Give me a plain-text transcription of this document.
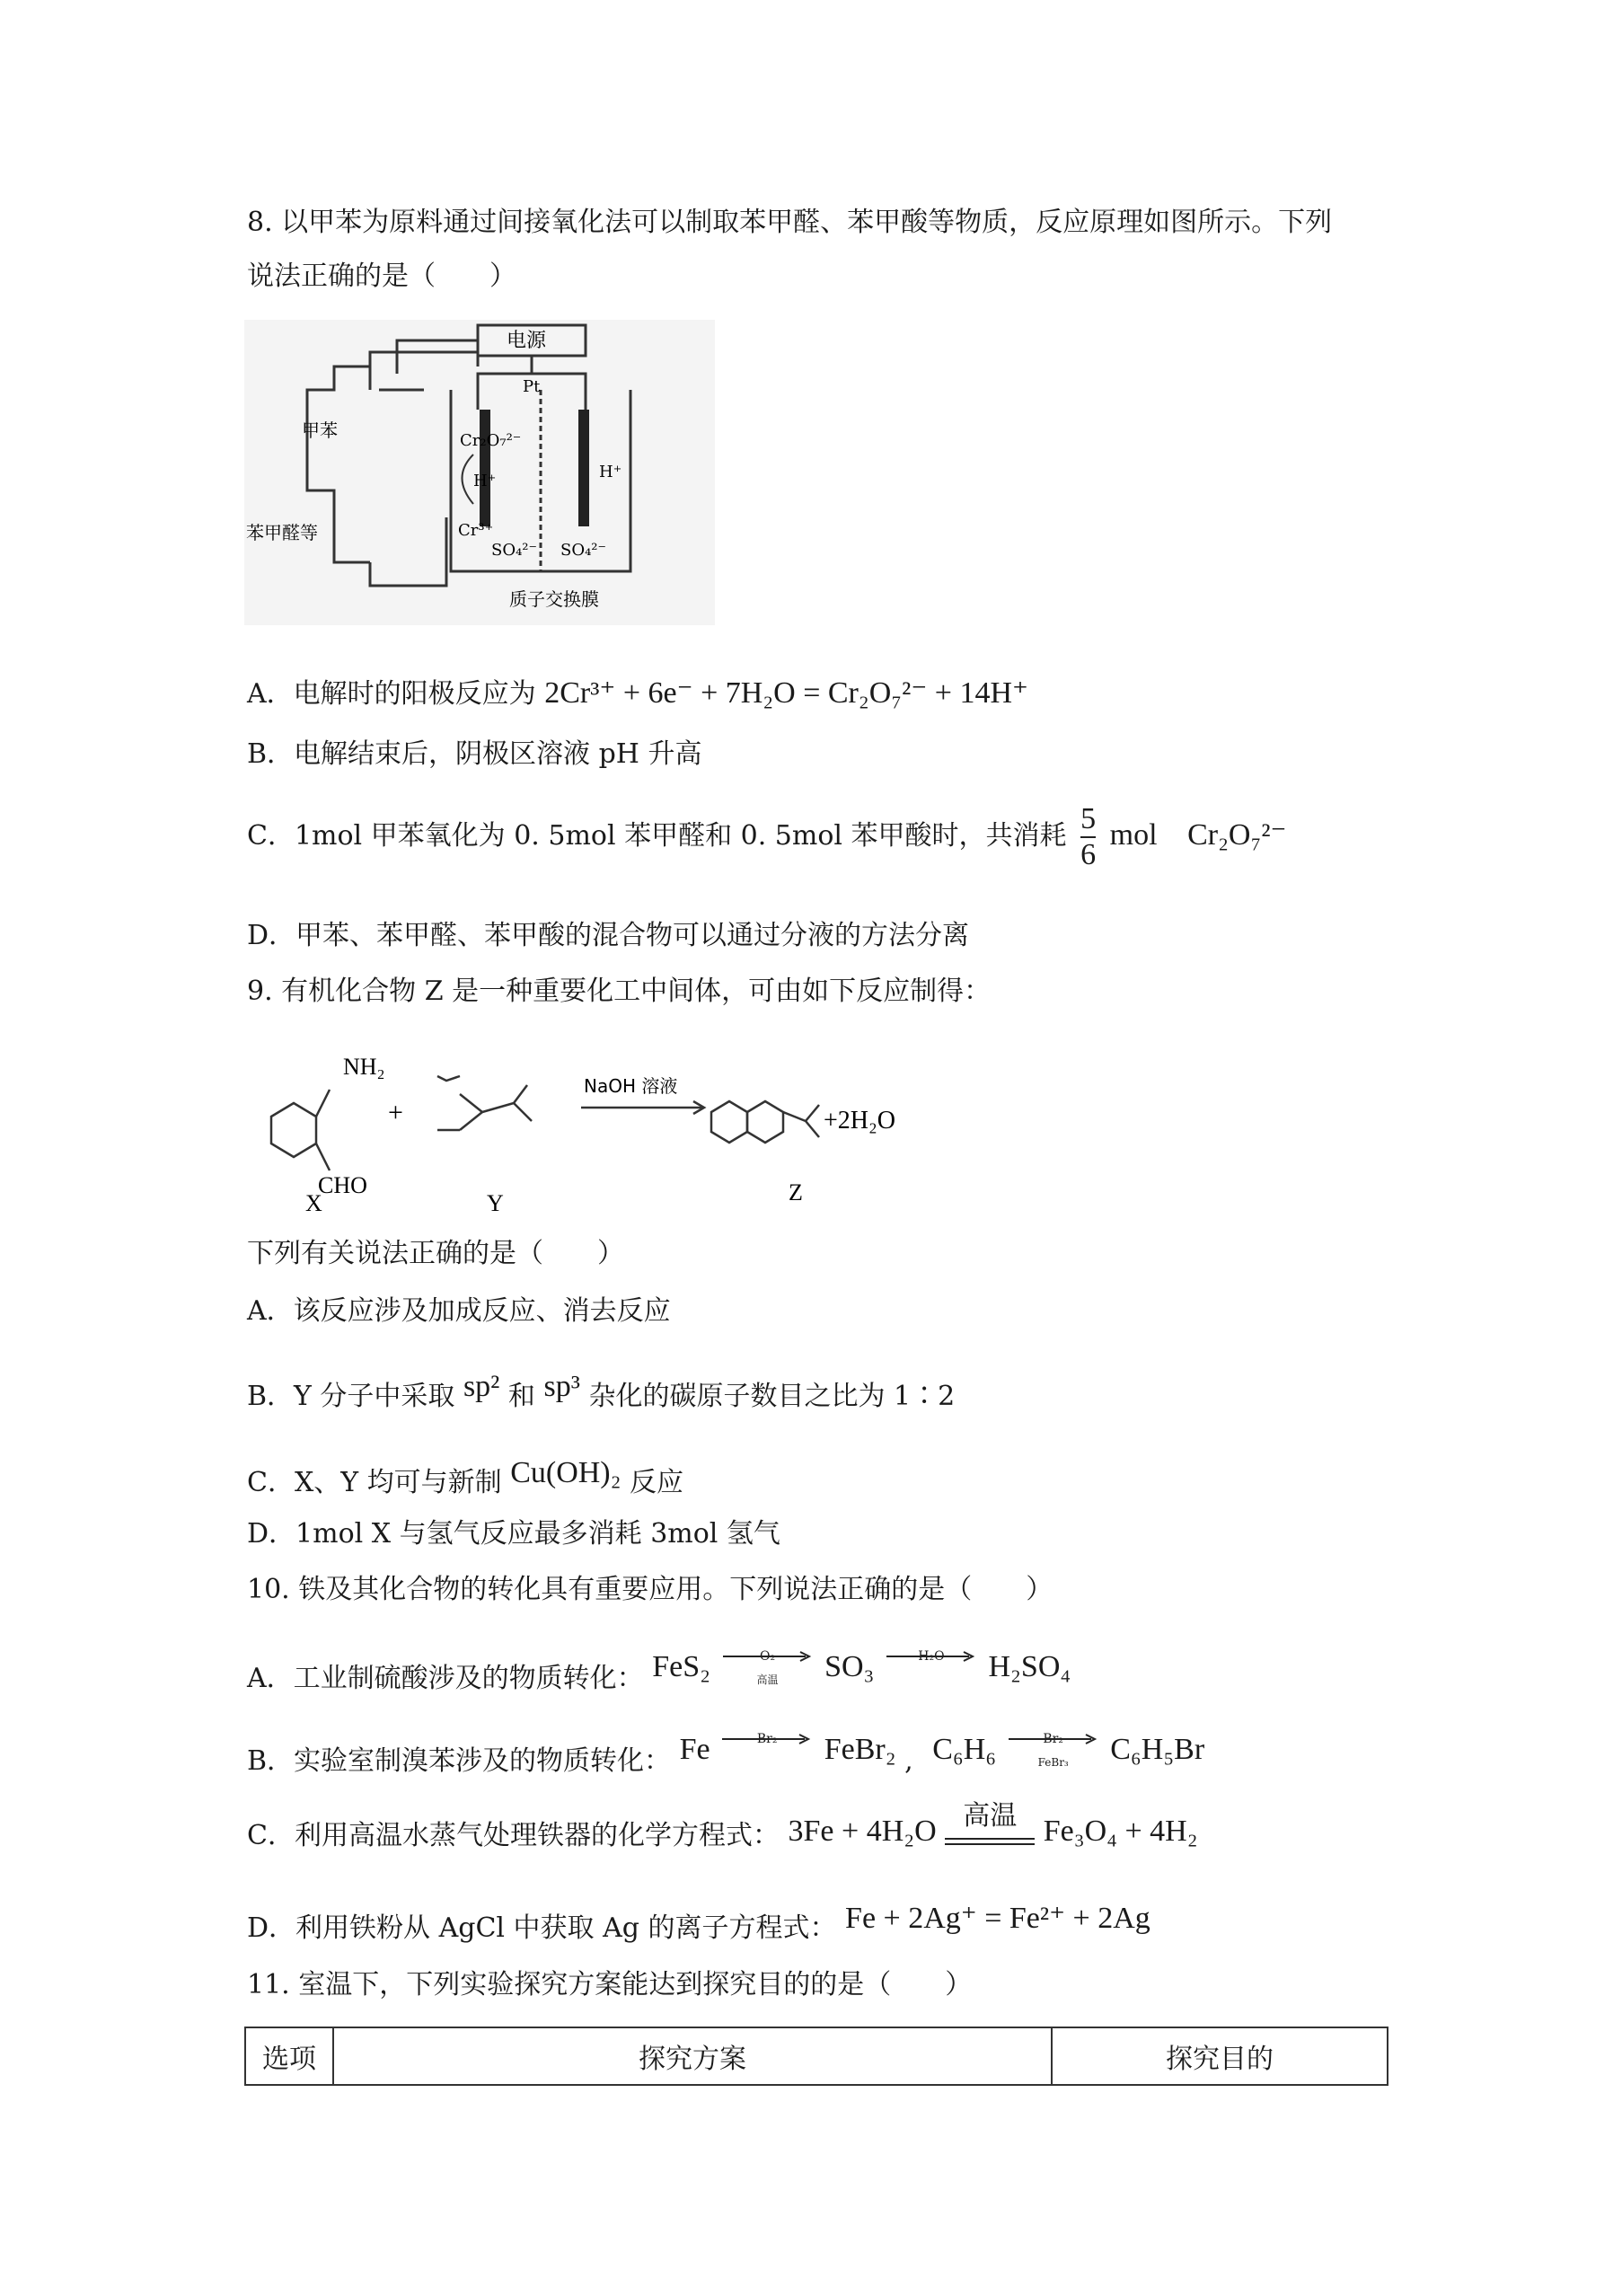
8. 以甲苯为原料通过间接氧化法可以制取苯甲醛、苯甲酸等物质，反应原理如图所示。下列
说法正确的是（　　）
电源
Pt
甲苯
苯甲醛等
Cr₂O₇²⁻
H⁺
Cr³⁺
SO₄²⁻
H⁺
SO₄²⁻
质子交换膜
A．电解时的阳极反应为 2Cr³⁺ + 6e⁻ + 7H₂O = Cr₂O₇²⁻ + 14H⁺
B．电解结束后，阴极区溶液 pH 升高
C．1mol 甲苯氧化为 0. 5mol 苯甲醛和 0. 5mol 苯甲酸时，共消耗 $\frac{5}{6}$ mol Cr₂O₇²⁻
D．甲苯、苯甲醛、苯甲酸的混合物可以通过分液的方法分离
9. 有机化合物 Z 是一种重要化工中间体，可由如下反应制得：
NH₂
CHO
+
NaOH 溶液
+2H₂O
X	Y	Z
下列有关说法正确的是（　　）
A．该反应涉及加成反应、消去反应
B．Y 分子中采取 sp² 和 sp³ 杂化的碳原子数目之比为 1∶2
C．X、Y 均可与新制 Cu(OH)₂ 反应
D．1mol X 与氢气反应最多消耗 3mol 氢气
10. 铁及其化合物的转化具有重要应用。下列说法正确的是（　　）
A．工业制硫酸涉及的物质转化： FeS₂	O₂
高温	SO₃	H₂O	H₂SO₄
B．实验室制溴苯涉及的物质转化： Fe	Br₂	FeBr₂ , C₆H₆	Br₂
FeBr₃	C₆H₅Br
C．利用高温水蒸气处理铁器的化学方程式： 3Fe + 4H₂O 高温 Fe₃O₄ + 4H₂
D．利用铁粉从 AgCl 中获取 Ag 的离子方程式： Fe + 2Ag⁺ = Fe²⁺ + 2Ag
11. 室温下，下列实验探究方案能达到探究目的的是（　　）
选项	探究方案	探究目的
